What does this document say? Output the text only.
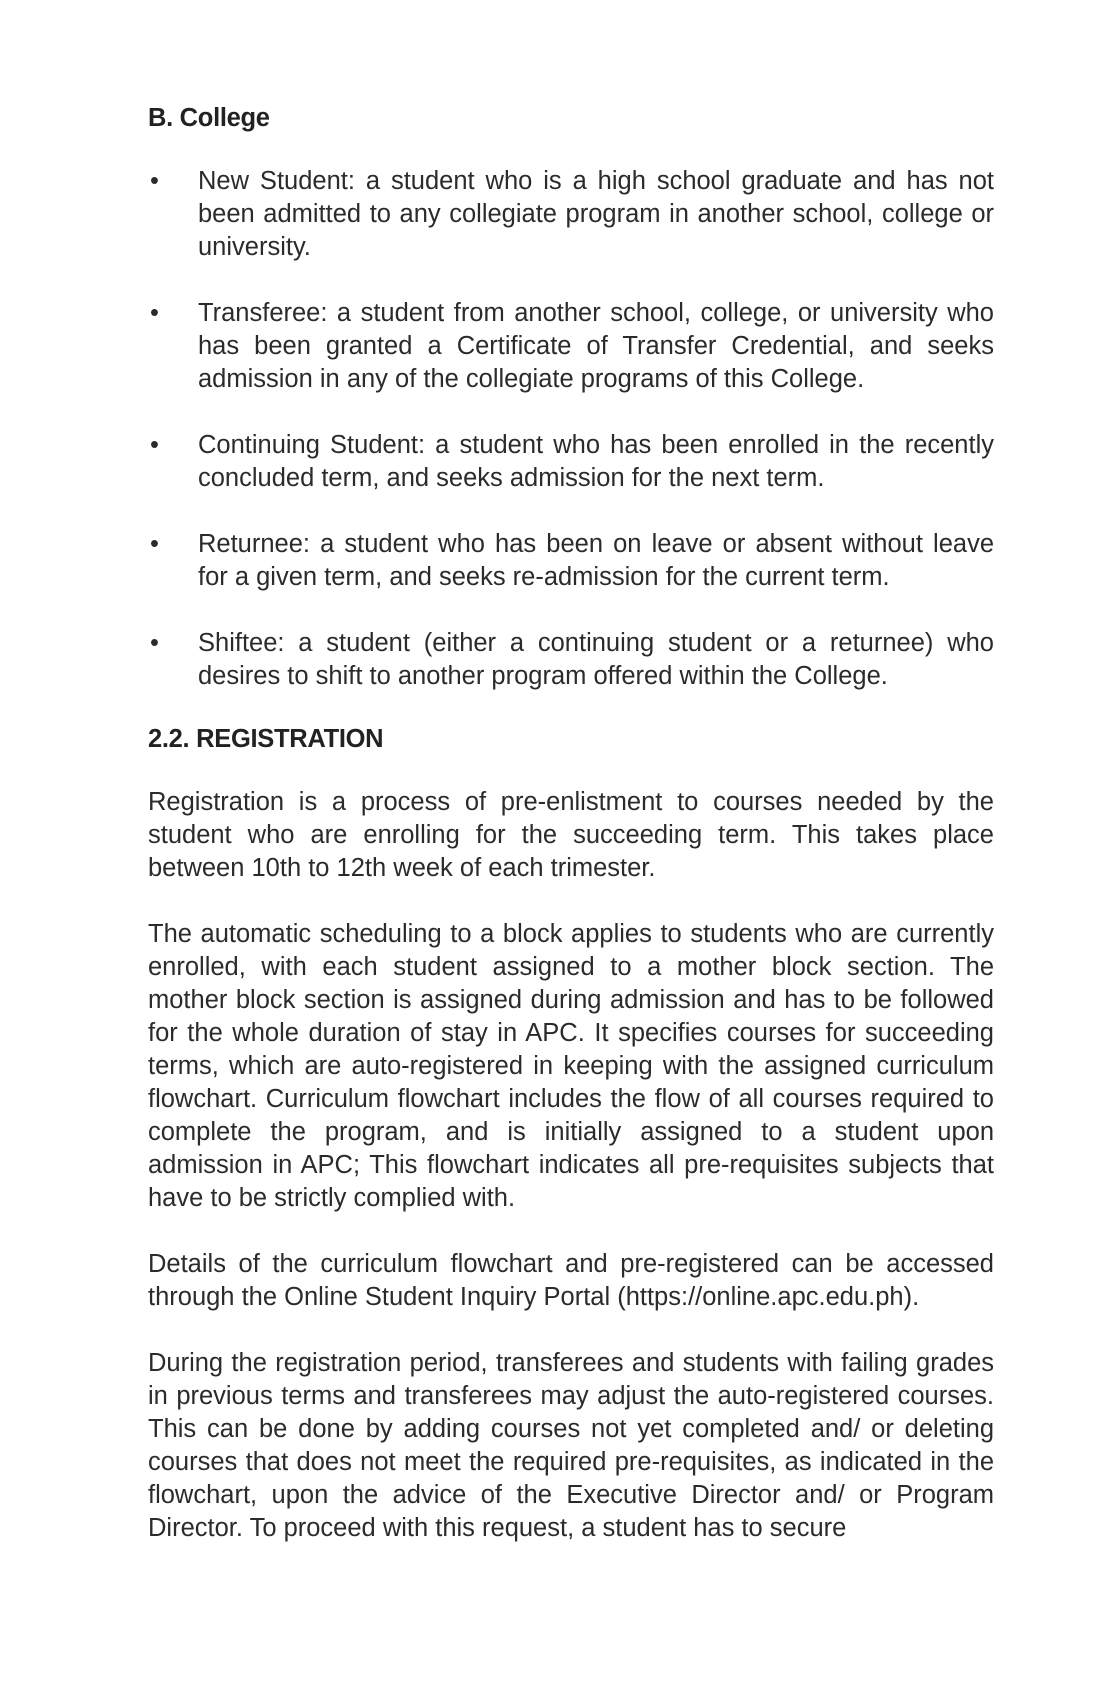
B. College
•	New Student: a student who is a high school graduate and has not been admitted to any collegiate program in another school, college or university.
•	Transferee: a student from another school, college, or university who has been granted a Certificate of Transfer Credential, and seeks admission in any of the collegiate programs of this College.
•	Continuing Student: a student who has been enrolled in the recently concluded term, and seeks admission for the next term.
•	Returnee: a student who has been on leave or absent without leave for a given term, and seeks re-admission for the current term.
•	Shiftee: a student (either a continuing student or a returnee) who desires to shift to another program offered within the College.
2.2. REGISTRATION

Registration is a process of pre-enlistment to courses needed by the student who are enrolling for the succeeding term. This takes place between 10th to 12th week of each trimester.

The automatic scheduling to a block applies to students who are currently enrolled, with each student assigned to a mother block section. The mother block section is assigned during admission and has to be followed for the whole duration of stay in APC. It specifies courses for succeeding terms, which are auto-registered in keeping with the assigned curriculum flowchart. Curriculum flowchart includes the flow of all courses required to complete the program, and is initially assigned to a student upon admission in APC; This flowchart indicates all pre-requisites subjects that have to be strictly complied with.

Details of the curriculum flowchart and pre-registered can be accessed through the Online Student Inquiry Portal (https://online.apc.edu.ph).

During the registration period, transferees and students with failing grades in previous terms and transferees may adjust the auto-registered courses. This can be done by adding courses not yet completed and/ or deleting courses that does not meet the required pre-requisites, as indicated in the flowchart, upon the advice of the Executive Director and/ or Program Director. To proceed with this request, a student has to secure
